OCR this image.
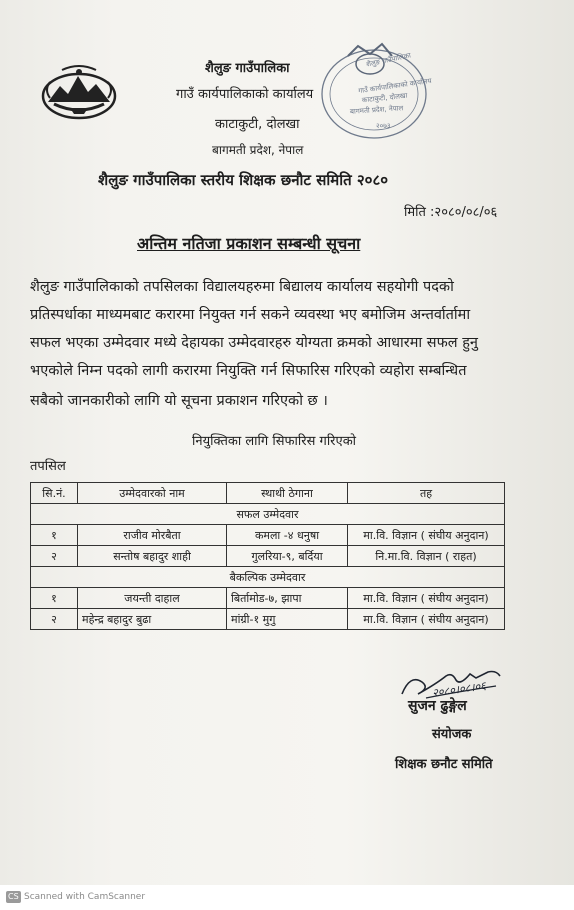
शैलुङ गाउँपालिका
गाउँ कार्यपालिकाको कार्यालय
काटाकुटी, दोलखा
बागमती प्रदेश, नेपाल
शैलुङ गाउँपालिका
गाउँ कार्यपालिकाको कार्यालय
काटाकुटी, दोलखा
बागमती प्रदेश, नेपाल
२०७३
शैलुङ गाउँपालिका स्तरीय शिक्षक छनौट समिति २०८०
मिति :२०८०/०८/०६
अन्तिम नतिजा प्रकाशन सम्बन्धी सूचना
शैलुङ गाउँपालिकाको तपसिलका विद्यालयहरुमा बिद्यालय कार्यालय सहयोगी पदको
प्रतिस्पर्धाका माध्यमबाट करारमा नियुक्त गर्न सकने व्यवस्था भए बमोजिम अन्तर्वार्तामा
सफल भएका उम्मेदवार मध्ये देहायका उम्मेदवारहरु योग्यता क्रमको आधारमा सफल हुनु
भएकोले निम्न पदको लागी करारमा नियुक्ति गर्न सिफारिस गरिएको व्यहोरा सम्बन्धित
सबैको जानकारीको लागि यो सूचना प्रकाशन गरिएको छ ।
नियुक्तिका लागि सिफारिस गरिएको
तपसिल
सि.नं.	उम्मेदवारको नाम	स्थाथी ठेगाना	तह
सफल उम्मेदवार			
१	राजीव मोरबैता	कमला -४ धनुषा	मा.वि. विज्ञान ( संघीय अनुदान)
२	सन्तोष बहादुर शाही	गुलरिया-९, बर्दिया	नि.मा.वि. विज्ञान ( राहत)
बैकल्पिक उम्मेदवार			
१	जयन्ती दाहाल	बिर्तामोड-७, झापा	मा.वि. विज्ञान ( संघीय अनुदान)
२	महेन्द्र बहादुर बुढा	मांग्री-१ मुगु	मा.वि. विज्ञान ( संघीय अनुदान)
२०८०।०८।०६
सुजन ढुङ्गेल
संयोजक
शिक्षक छनौट समिति
CS Scanned with CamScanner
